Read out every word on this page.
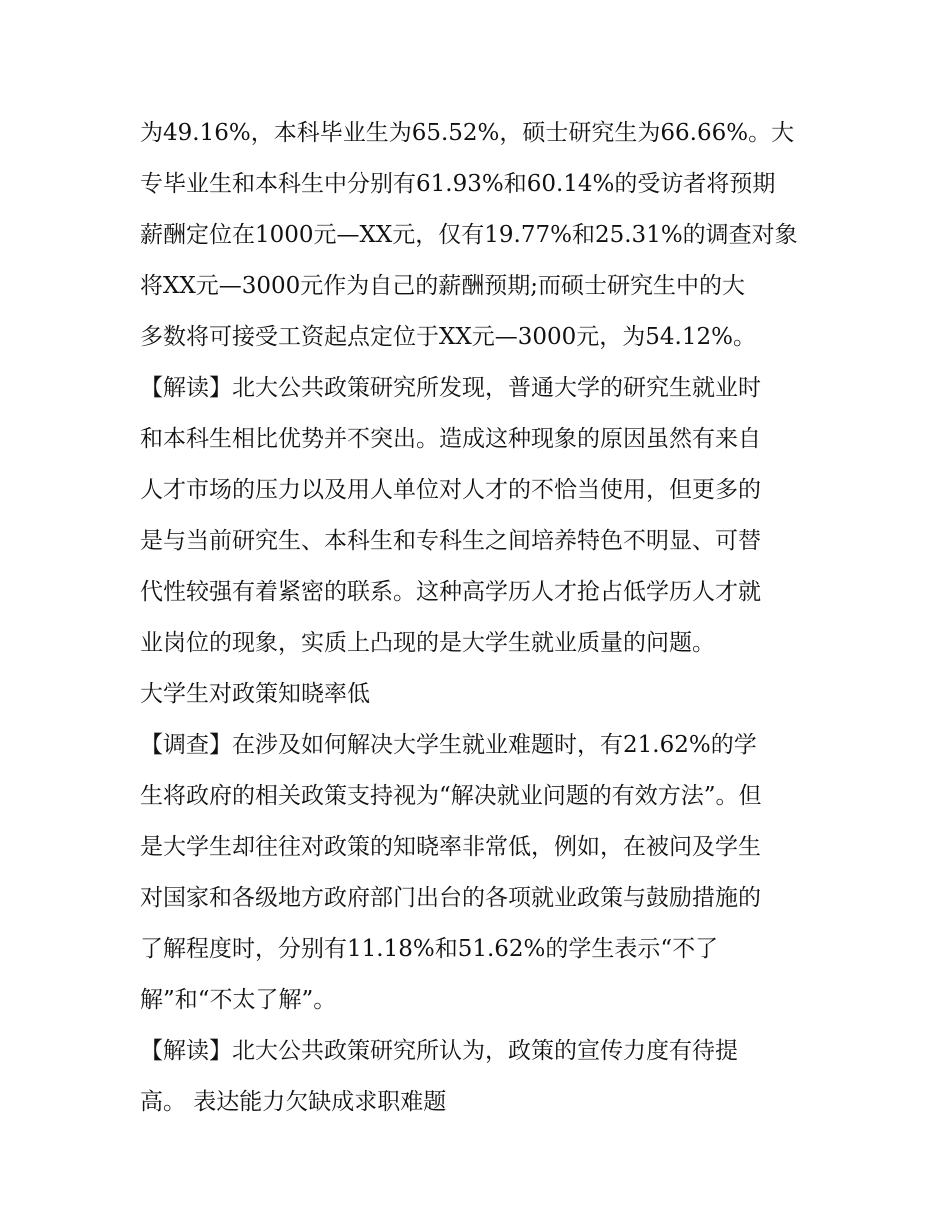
为49.16%，本科毕业生为65.52%，硕士研究生为66.66%。大
专毕业生和本科生中分别有61.93%和60.14%的受访者将预期
薪酬定位在1000元—XX元，仅有19.77%和25.31%的调查对象
将XX元—3000元作为自己的薪酬预期;而硕士研究生中的大
多数将可接受工资起点定位于XX元—3000元，为54.12%。
【解读】北大公共政策研究所发现，普通大学的研究生就业时
和本科生相比优势并不突出。造成这种现象的原因虽然有来自
人才市场的压力以及用人单位对人才的不恰当使用，但更多的
是与当前研究生、本科生和专科生之间培养特色不明显、可替
代性较强有着紧密的联系。这种高学历人才抢占低学历人才就
业岗位的现象，实质上凸现的是大学生就业质量的问题。
大学生对政策知晓率低
【调查】在涉及如何解决大学生就业难题时，有21.62%的学
生将政府的相关政策支持视为“解决就业问题的有效方法”。但
是大学生却往往对政策的知晓率非常低，例如，在被问及学生
对国家和各级地方政府部门出台的各项就业政策与鼓励措施的
了解程度时，分别有11.18%和51.62%的学生表示“不了
解”和“不太了解”。
【解读】北大公共政策研究所认为，政策的宣传力度有待提
高。 表达能力欠缺成求职难题
